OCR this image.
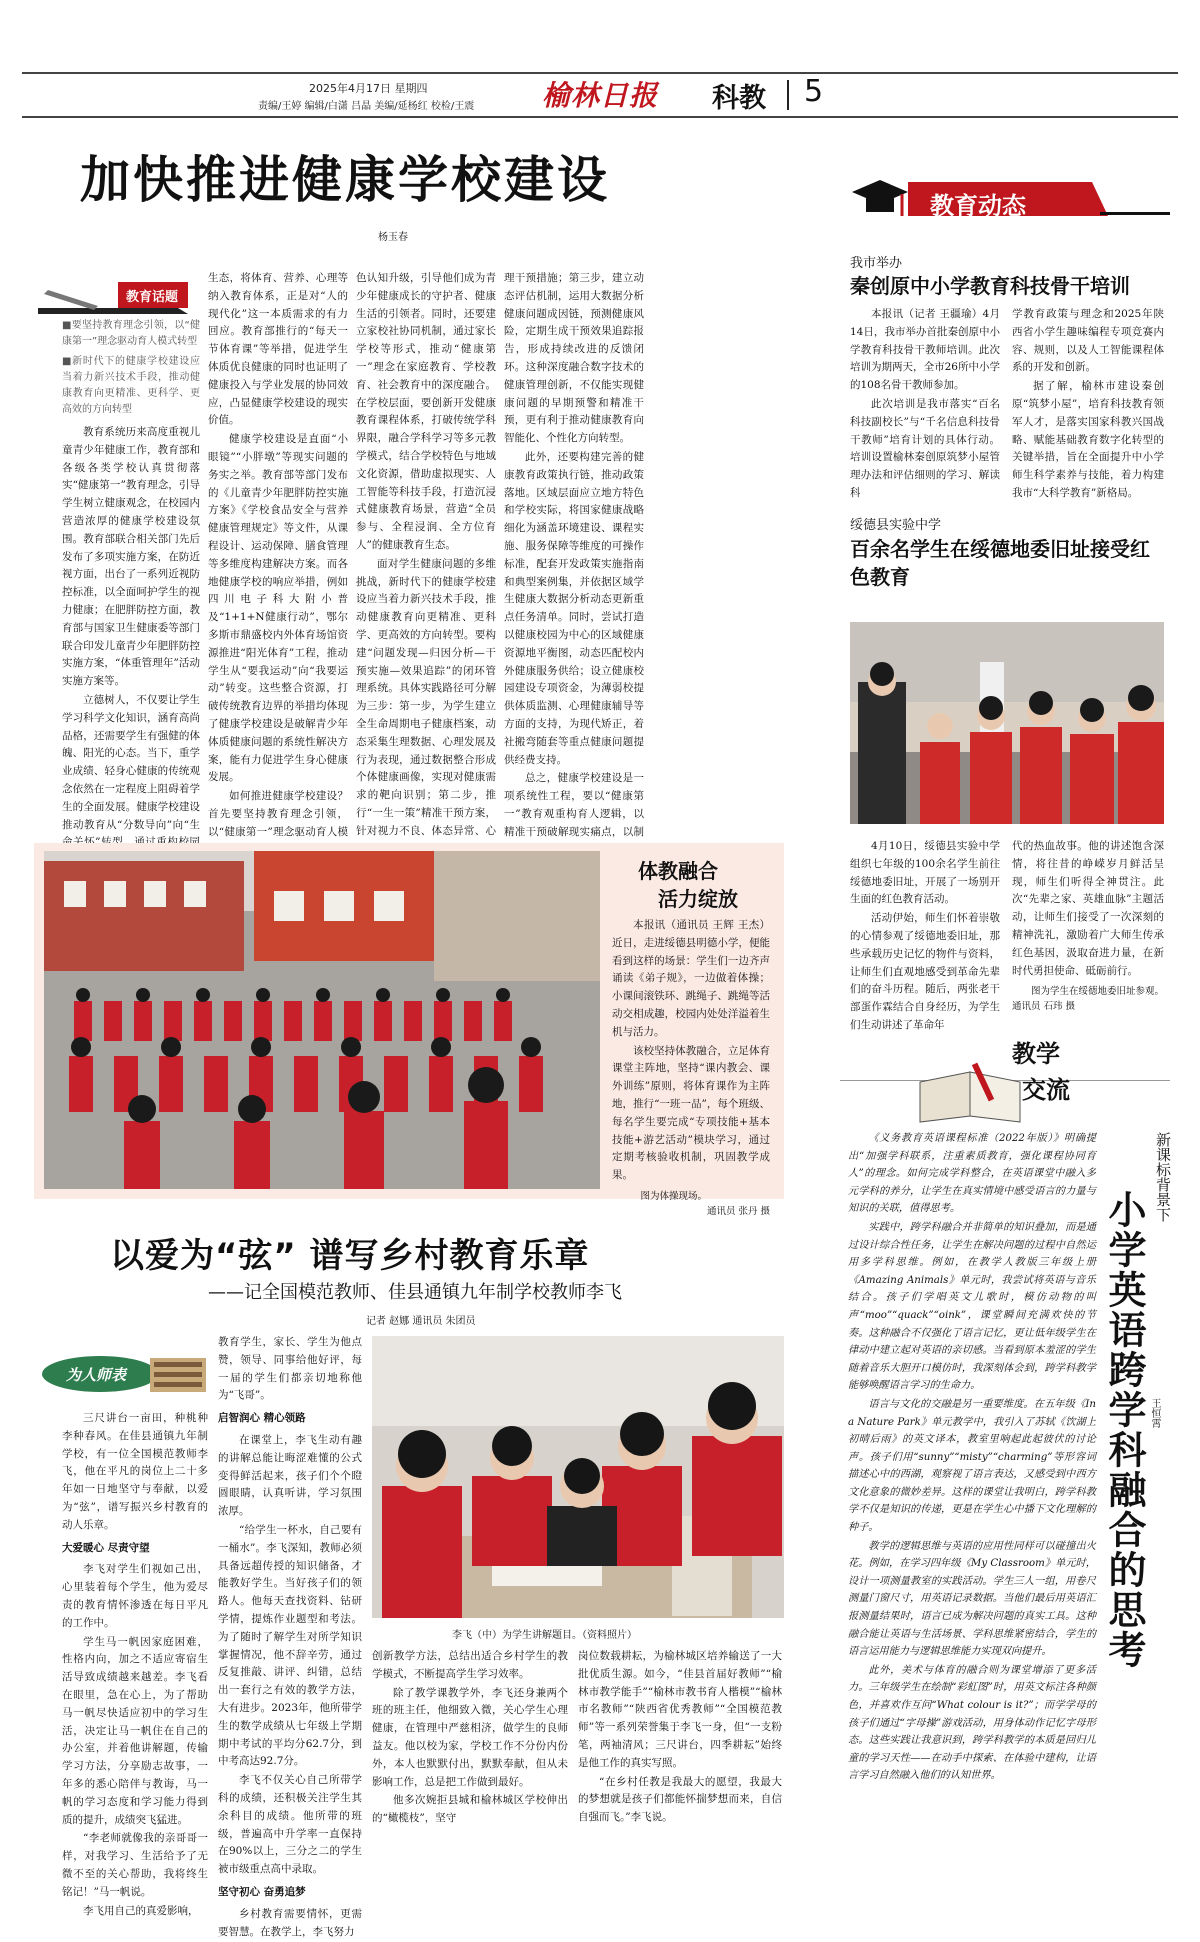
2025年4月17日 星期四
责编/王婷 编辑/白潇 吕晶 美编/延杨红 校检/王震 榆林日报 科教 5
加快推进健康学校建设
杨玉春
教育话题
■要坚持教育理念引领，以“健康第一”理念驱动育人模式转型
■新时代下的健康学校建设应当着力新兴技术手段，推动健康教育向更精准、更科学、更高效的方向转型

教育系统历来高度重视儿童青少年健康工作，教育部和各级各类学校认真贯彻落实“健康第一”教育理念，引导学生树立健康观念，在校园内营造浓厚的健康学校建设氛围。教育部联合相关部门先后发布了多项实施方案，在防近视方面，出台了一系列近视防控标准，以全面呵护学生的视力健康；在肥胖防控方面，教育部与国家卫生健康委等部门联合印发儿童青少年肥胖防控实施方案，“体重管理年”活动实施方案等。

立德树人，不仅要让学生学习科学文化知识，涵育高尚品格，还需要学生有强健的体魄、阳光的心态。当下，重学业成绩、轻身心健康的传统观念依然在一定程度上阻碍着学生的全面发展。健康学校建设推动教育从“分数导向”向“生

生态，将体育、营养、心理等纳入教育体系，正是对“人的现代化”这一本质需求的有力回应。教育部推行的“每天一节体育课”等举措，促进学生体质优良健康的同时也证明了健康投入与学业发展的协同效应，凸显健康学校建设的现实价值。

健康学校建设是直面“小眼镜”“小胖墩”等现实问题的务实之举。教育部等部门发布的《儿童青少年肥胖防控实施方案》《学校食品安全与营养健康管理规定》等文件，从课程设计、运动保障、膳食管理等多维度构建解决方案。而各地健康学校的响应举措，例如四川电子科大附小普及“1+1+N健康行动”，鄂尔多斯市鼎盛校内外体育场馆资源推进“阳光体育”工程，推动学生从“要我运动”向“我要运动”转变。这些整合资源，打破传统教育边界的举措均体现了健康学校建设是破解青少年体质健康问题的系统性解决方案，能有力促进学生身心健康发展。

如何推进健康学校建设？首先要坚持教育理念引领，以“健康第一”理念驱动育人模

色认知升级，引导他们成为青少年健康成长的守护者、健康生活的引领者。同时，还要建立家校社协同机制，通过家长学校等形式，推动“健康第一”理念在家庭教育、学校教育、社会教育中的深度融合。在学校层面，要创新开发健康教育课程体系，打破传统学科界限，融合学科学习等多元教学模式，结合学校特色与地域文化资源，借助虚拟现实、人工智能等科技手段，打造沉浸式健康教育场景，营造“全员参与、全程浸润、全方位育人”的健康教育生态。

面对学生健康问题的多维挑战，新时代下的健康学校建设应当着力新兴技术手段，推动健康教育向更精准、更科学、更高效的方向转型。要构建“问题发现—归因分析—干预实施—效果追踪”的闭环管理系统。具体实践路径可分解为三步：第一步，为学生建立全生命周期电子健康档案，动态采集生理数据、心理发展及行为表现，通过数据整合形成个体健康画像，实现对健康需求的靶向识别；第二步，推行“一生一策”精准干预方案，针对视力不良、体态异常、心

理干预措施；第三步，建立动态评估机制，运用大数据分析健康问题成因链，预测健康风险，定期生成干预效果追踪报告，形成持续改进的反馈闭环。这种深度融合数字技术的健康管理创新，不仅能实现健康问题的早期预警和精准干预，更有利于推动健康教育向智能化、个性化方向转型。

此外，还要构建完善的健康教育政策执行链，推动政策落地。区域层面应立地方特色和学校实际，将国家健康战略细化为涵盖环境建设、课程实施、服务保障等维度的可操作标准，配套开发政策实施指南和典型案例集，并依据区域学生健康大数据分析动态更新重点任务清单。同时，尝试打造以健康校园为中心的区域健康资源地平衡图，动态匹配校内外健康服务供给；设立健康校园建设专项资金，为薄弱校提供体质监测、心理健康辅导等方面的支持，为现代矫正，着社搬弯随套等重点健康问题提供经费支持。

总之，健康学校建设是一项系统性工程，要以“健康第一”教育观重构育人逻辑，以精准干预破解现实痛点，以制

教育动态
我市举办
秦创原中小学教育科技骨干培训

本报讯（记者 王疆瑜）4月14日，我市举办首批秦创原中小学教育科技骨干教师培训。此次培训为期两天，全市26所中小学的108名骨干教师参加。

此次培训是我市落实“百名科技副校长”与“千名信息科技骨干教师”培育计划的具体行动。培训设置榆林秦创原筑梦小屋管理办法和评估细则的学习、解读科

学教育政策与理念和2025年陕西省小学生趣味编程专项竞赛内容、规则，以及人工智能课程体系的开发和创新。

据了解，榆林市建设秦创原“筑梦小屋”，培育科技教育领军人才，是落实国家科教兴国战略、赋能基础教育数字化转型的关键举措，旨在全面提升中小学师生科学素养与技能，着力构建我市“大科学教育”新格局。

绥德县实验中学
百余名学生在绥德地委旧址接受红色教育

4月10日，绥德县实验中学组织七年级的100余名学生前往绥德地委旧址，开展了一场别开生面的红色教育活动。

活动伊始，师生们怀着崇敬的心情参观了绥德地委旧址，那些承载历史记忆的物件与资料，让师生们直观地感受到革命先辈们的奋斗历程。随后，两张老干部蛋作霖结合自身经历，为学生们生动讲述了革命年

代的热血故事。他的讲述饱含深情，将往昔的峥嵘岁月鲜活呈现，师生们听得全神贯注。此次“先辈之家、英雄血脉”主题活动，让师生们接受了一次深刻的精神洗礼，激励着广大师生传承红色基因，汲取奋进力量，在新时代勇担使命、砥砺前行。

图为学生在绥德地委旧址参观。 通讯员 石玮 摄
体教融合
活力绽放

本报讯（通讯员 王辉 王杰）近日，走进绥德县明德小学，便能看到这样的场景：学生们一边齐声诵读《弟子规》，一边做着体操；小课间滚铁环、跳绳子、跳绳等活动交相成趣，校园内处处洋溢着生机与活力。

该校坚持体教融合，立足体育课堂主阵地，坚持“课内教会、课外训练”原则，将体育课作为主阵地，推行“一班一品”，每个班级、每名学生要完成“专项技能+基本技能+游艺活动”模块学习，通过定期考核验收机制，巩固教学成果。

图为体操现场。
通讯员 张丹 摄
以爱为“弦” 谱写乡村教育乐章
——记全国模范教师、佳县通镇九年制学校教师李飞
记者 赵娜 通讯员 朱团员
为人师表

三尺讲台一亩田，种桃种李种春风。在佳县通镇九年制学校，有一位全国模范教师李飞，他在平凡的岗位上二十多年如一日地坚守与奉献，以爱为“弦”，谱写振兴乡村教育的动人乐章。

大爱暖心 尽责守望

李飞对学生们视如己出，心里装着每个学生，他为爱尽责的教育情怀渗透在每日平凡的工作中。

学生马一帆因家庭困难，性格内向，加之不适应寄宿生活导致成绩越来越差。李飞看在眼里，急在心上，为了帮助马一帆尽快适应初中的学习生活，决定让马一帆住在自己的办公室，并着他讲解题，传输学习方法，分享励志故事，一年多的悉心陪伴与教诲，马一帆的学习态度和学习能力得到质的提升，成绩突飞猛进。

“李老师就像我的亲哥哥一样，对我学习、生活给予了无微不至的关心帮助，我将终生铭记！”马一帆说。

李飞用自己的真爱影响，

教育学生，家长、学生为他点赞，领导、同事给他好评，每一届的学生们都亲切地称他为“飞哥”。

启智润心 精心领路

在课堂上，李飞生动有趣的讲解总能让晦涩难懂的公式变得鲜活起来，孩子们个个瞪圆眼睛，认真听讲，学习氛围浓厚。

“给学生一杯水，自己要有一桶水”。李飞深知，教师必须具备远超传授的知识储备，才能教好学生。当好孩子们的领路人。他每天查找资料、钻研学情，提炼作业题型和考法。为了随时了解学生对所学知识掌握情况，他不辞辛劳，通过反复推敲、讲评、纠错，总结出一套行之有效的教学方法，大有进步。2023年，他所带学生的数学成绩从七年级上学期期中考试的平均分62.7分，到中考高达92.7分。

李飞不仅关心自己所带学科的成绩，还积极关注学生其余科目的成绩。他所带的班级，普遍高中升学率一直保持在90%以上，三分之二的学生被市级重点高中录取。

坚守初心 奋勇追梦

乡村教育需要情怀，更需要智慧。在教学上，李飞努力

李飞（中）为学生讲解题目。（资料照片）

创新教学方法，总结出适合乡村学生的教学模式，不断提高学生学习效率。

除了教学课教学外，李飞还身兼两个班的班主任，他细致入微，关心学生心理健康，在管理中严慈相济，做学生的良师益友。他以校为家，学校工作不分份内份外，本人也默默付出，默默奉献，但从未影响工作，总是把工作做到最好。

他多次婉拒县城和榆林城区学校伸出的“橄榄枝”，坚守

岗位数载耕耘，为榆林城区培养输送了一大批优质生源。如今，“佳县首届好教师”“榆林市教学能手”“榆林市教书育人楷模”“榆林市名教师”“陕西省优秀教师”“全国模范教师”等一系列荣誉集于李飞一身，但“一支粉笔，两袖清风；三尺讲台，四季耕耘”始终是他工作的真实写照。

“在乡村任教是我最大的愿望，我最大的梦想就是孩子们都能怀揣梦想而来，自信自强而飞。”李飞说。

教学
交流

《义务教育英语课程标准（2022年版）》明确提出“加强学科联系，注重素质教育，强化课程协同育人”的理念。如何完成学科整合，在英语课堂中融入多元学科的养分，让学生在真实情境中感受语言的力量与知识的关联，值得思考。

实践中，跨学科融合并非简单的知识叠加，而是通过设计综合性任务，让学生在解决问题的过程中自然运用多学科思维。例如，在教学人教版三年级上册《Amazing Animals》单元时，我尝试将英语与音乐结合。孩子们学唱英文儿歌时，模仿动物的叫声“moo”“quack”“oink”，课堂瞬间充满欢快的节奏。这种融合不仅强化了语言记忆，更让低年级学生在律动中建立起对英语的亲切感。当看到原本羞涩的学生随着音乐大胆开口模仿时，我深刻体会到，跨学科教学能够唤醒语言学习的生命力。

语言与文化的交融是另一重要维度。在五年级《In a Nature Park》单元教学中，我引入了苏轼《饮湖上初晴后雨》的英文译本，教室里响起此起彼伏的讨论声。孩子们用“sunny”“misty”“charming”等形容词描述心中的西湖，观察视了语言表达，又感受到中西方文化意象的微妙差异。这样的课堂让我明白，跨学科教学不仅是知识的传递，更是在学生心中播下文化理解的种子。

教学的逻辑思维与英语的应用性同样可以碰撞出火花。例如，在学习四年级《My Classroom》单元时，设计一项测量教室的实践活动。学生三人一组，用卷尺测量门窗尺寸，用英语记录数据。当他们最后用英语汇报测量结果时，语言已成为解决问题的真实工具。这种融合能让英语与生活场景、学科思维紧密结合，学生的语言运用能力与逻辑思维能力实现双向提升。

此外，美术与体育的融合则为课堂增添了更多活力。三年级学生在绘制“彩虹图”时，用英文标注各种颜色，并喜欢作互问“What colour is it?”；而学学母的孩子们通过“字母操”游戏活动，用身体动作记忆字母形态。这些实践让我意识到，跨学科教学的本质是回归儿童的学习天性——在动手中探索、在体验中建构，让语言学习自然融入他们的认知世界。

新课标背景下
小学英语跨学科融合的思考 王恒霄
